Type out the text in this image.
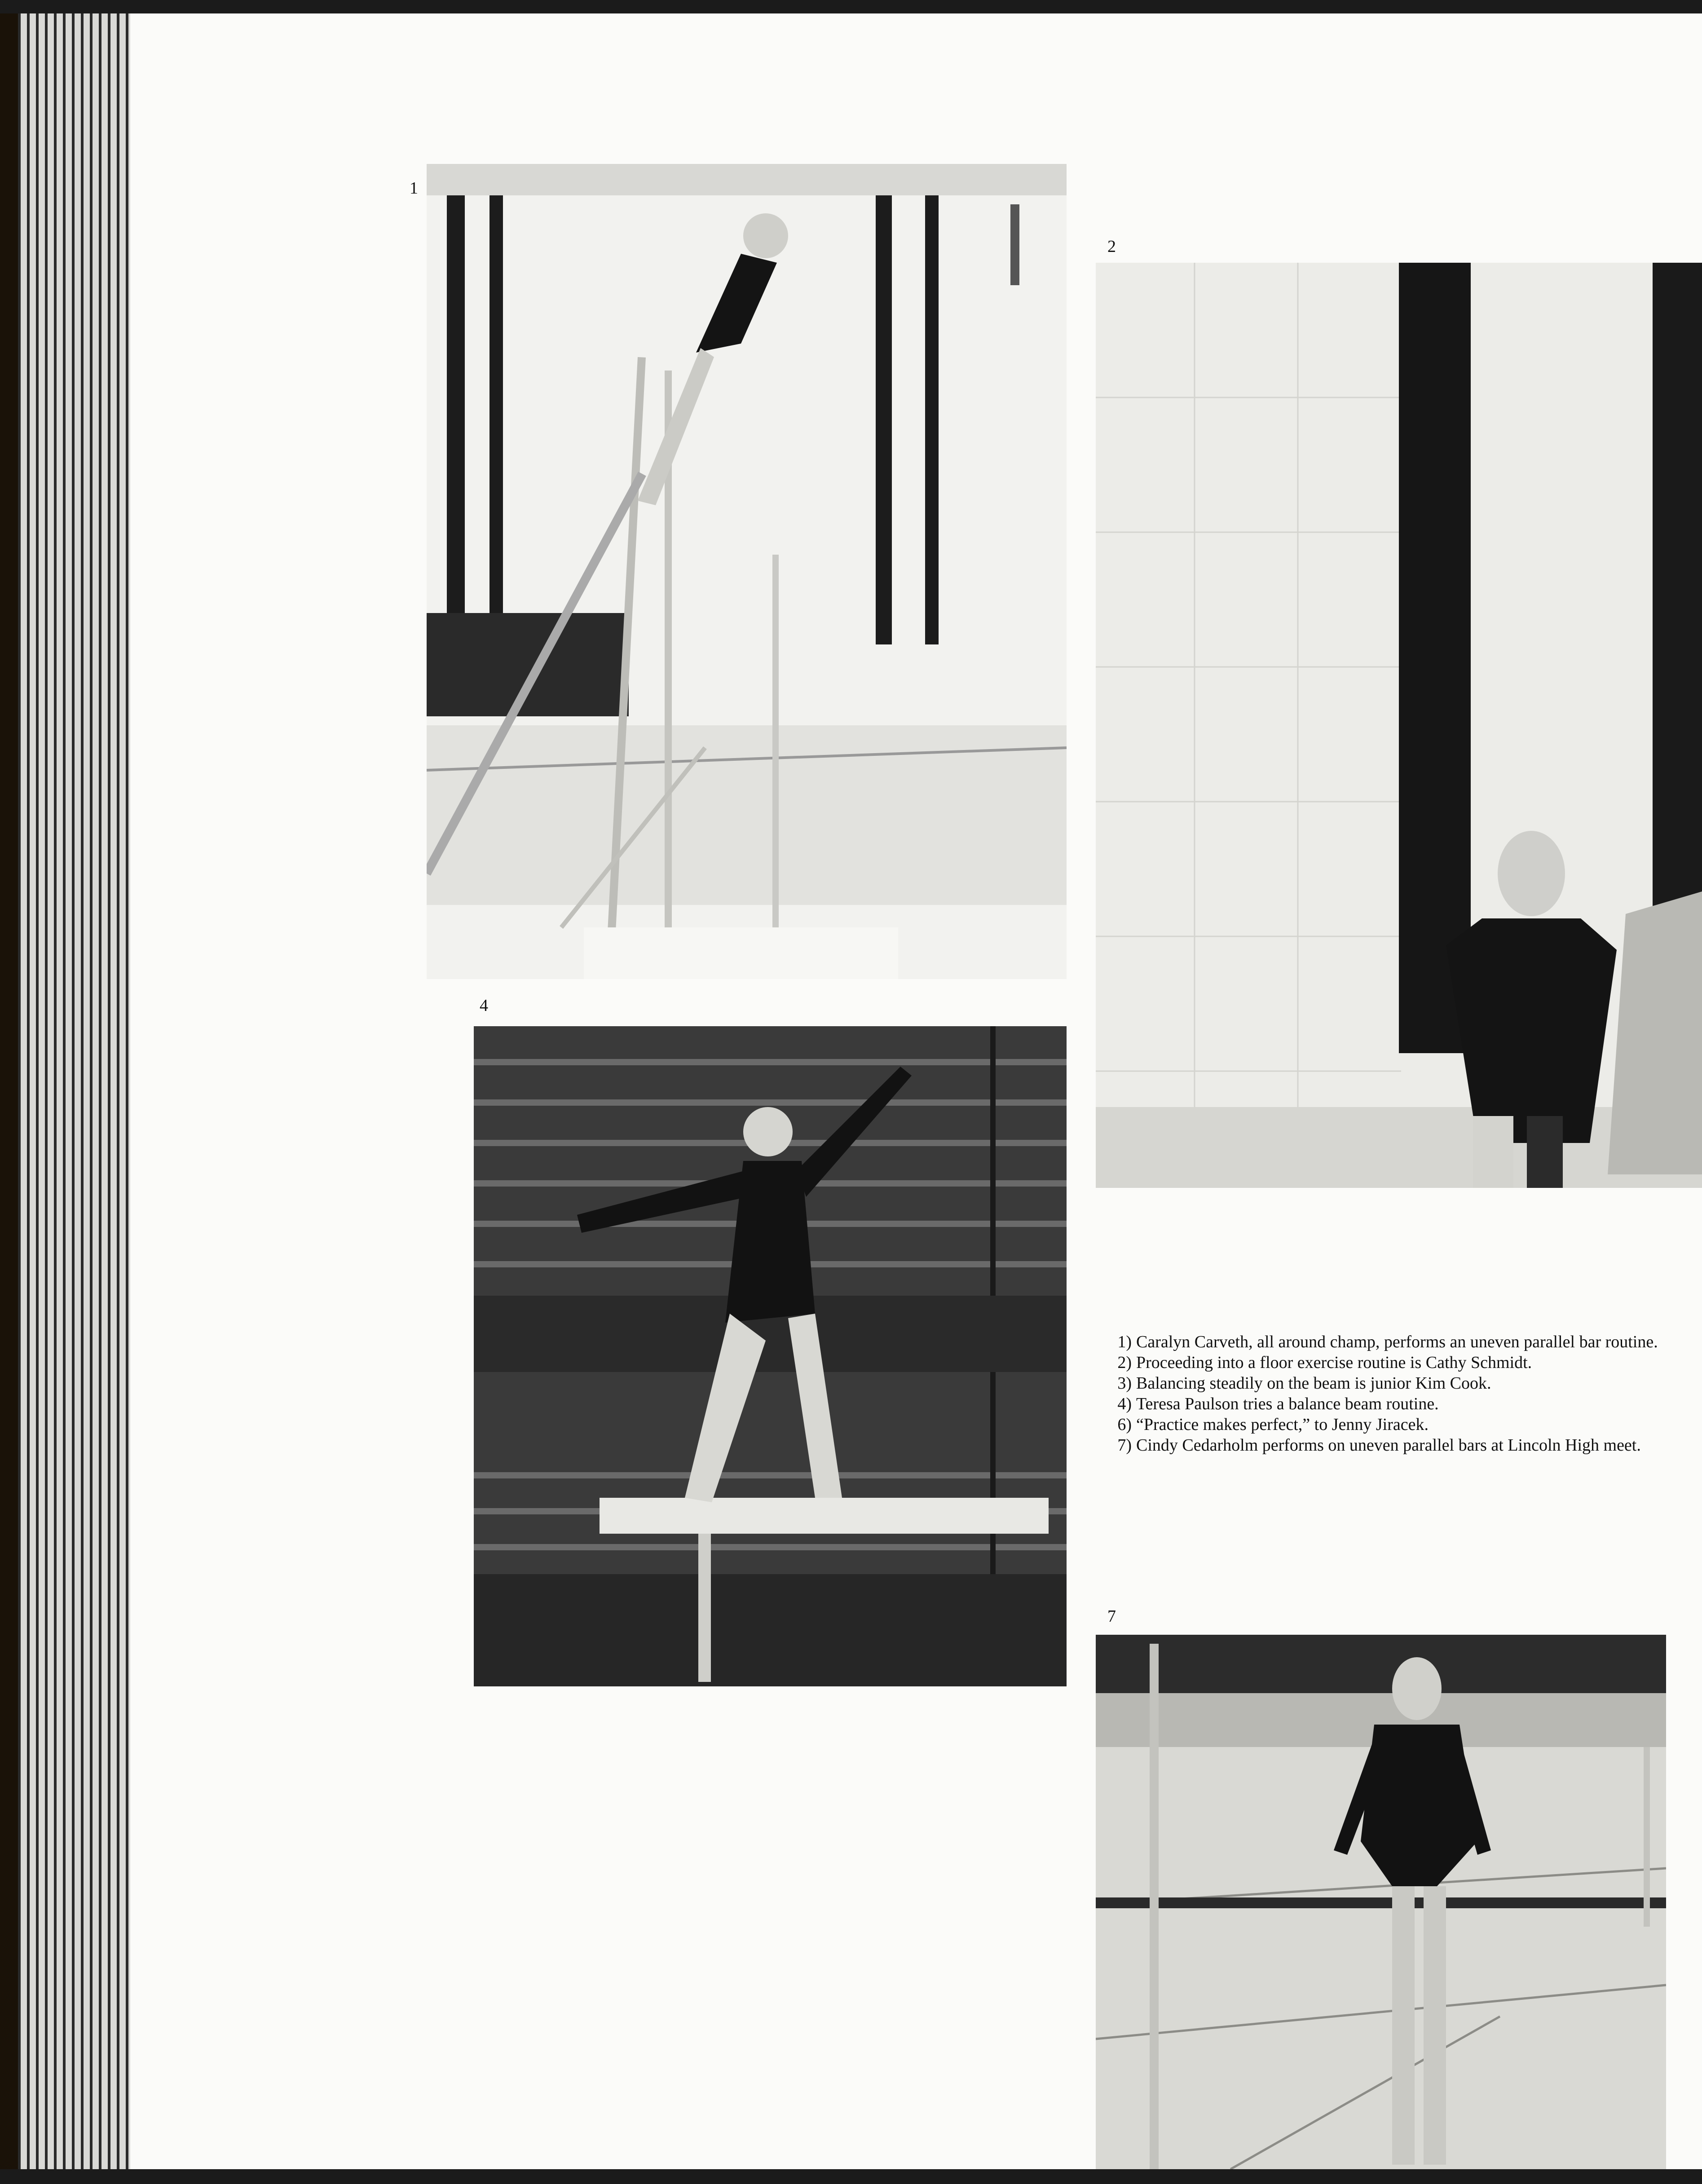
1
2
4
1) Caralyn Carveth, all around champ, performs an uneven parallel bar routine.
2) Proceeding into a floor exercise routine is Cathy Schmidt.
3) Balancing steadily on the beam is junior Kim Cook.
4) Teresa Paulson tries a balance beam routine.
6) “Practice makes perfect,” to Jenny Jiracek.
7) Cindy Cedarholm performs on uneven parallel bars at Lincoln High meet.
7
